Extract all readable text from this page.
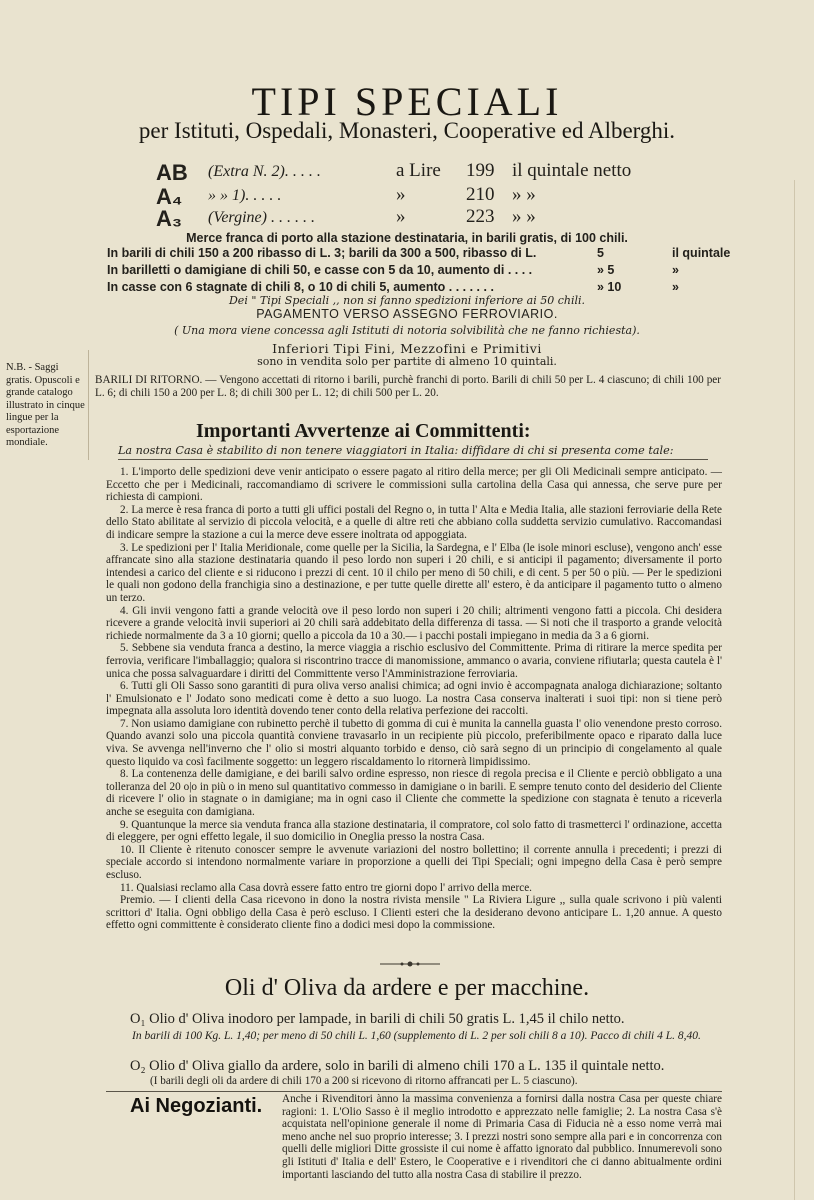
TIPI SPECIALI
per Istituti, Ospedali, Monasteri, Cooperative ed Alberghi.
AB (Extra N. 2). . . . .	a Lire 199 il quintale netto
A₄ » » 1). . . . .	»	210 » »
A₃ (Vergine) . . . . . .	»	223 » »
Merce franca di porto alla stazione destinataria, in barili gratis, di 100 chili.
In barili di chili 150 a 200 ribasso di L. 3; barili da 300 a 500, ribasso di L.	5	il quintale
In barilletti o damigiane di chili 50, e casse con 5 da 10, aumento di . . . .	» 5	»
In casse con 6 stagnate di chili 8, o 10 di chili 5, aumento . . . . . . .	» 10	»
Dei " Tipi Speciali ,, non si fanno spedizioni inferiore ai 50 chili.
PAGAMENTO VERSO ASSEGNO FERROVIARIO.
( Una mora viene concessa agli Istituti di notoria solvibilità che ne fanno richiesta).
Inferiori Tipi Fini, Mezzofini e Primitivi
sono in vendita solo per partite di almeno 10 quintali.
N.B. - Saggi gratis. Opuscoli e grande catalogo illustrato in cinque lingue per la esportazione mondiale.
BARILI DI RITORNO. — Vengono accettati di ritorno i barili, purchè franchi di porto. Barili di chili 50 per L. 4 ciascuno; di chili 100 per L. 6; di chili 150 a 200 per L. 8; di chili 300 per L. 12; di chili 500 per L. 20.
Importanti Avvertenze ai Committenti:
La nostra Casa è stabilito di non tenere viaggiatori in Italia: diffidare di chi si presenta come tale:

1. L'importo delle spedizioni deve venir anticipato o essere pagato al ritiro della merce; per gli Oli Medicinali sempre anticipato. — Eccetto che per i Medicinali, raccomandiamo di scrivere le commissioni sulla cartolina della Casa qui annessa, che serve pure per richiesta di campioni.

2. La merce è resa franca di porto a tutti gli uffici postali del Regno o, in tutta l' Alta e Media Italia, alle stazioni ferroviarie della Rete dello Stato abilitate al servizio di piccola velocità, e a quelle di altre reti che abbiano colla suddetta servizio cumulativo. Raccomandasi di indicare sempre la stazione a cui la merce deve essere inoltrata od appoggiata.

3. Le spedizioni per l' Italia Meridionale, come quelle per la Sicilia, la Sardegna, e l' Elba (le isole minori escluse), vengono anch' esse affrancate sino alla stazione destinataria quando il peso lordo non superi i 20 chili, e si anticipi il pagamento; diversamente il porto intendesi a carico del cliente e si riducono i prezzi di cent. 10 il chilo per meno di 50 chili, e di cent. 5 per 50 o più. — Per le spedizioni le quali non godono della franchigia sino a destinazione, e per tutte quelle dirette all' estero, è da anticipare il pagamento tutto o almeno un terzo.

4. Gli invii vengono fatti a grande velocità ove il peso lordo non superi i 20 chili; altrimenti vengono fatti a piccola. Chi desidera ricevere a grande velocità invii superiori ai 20 chili sarà addebitato della differenza di tassa. — Si noti che il trasporto a grande velocità richiede normalmente da 3 a 10 giorni; quello a piccola da 10 a 30.— i pacchi postali impiegano in media da 3 a 6 giorni.

5. Sebbene sia venduta franca a destino, la merce viaggia a rischio esclusivo del Committente. Prima di ritirare la merce spedita per ferrovia, verificare l'imballaggio; qualora si riscontrino tracce di manomissione, ammanco o avaria, conviene rifiutarla; questa cautela è l' unica che possa salvaguardare i diritti del Committente verso l'Amministrazione ferroviaria.

6. Tutti gli Oli Sasso sono garantiti di pura oliva verso analisi chimica; ad ogni invio è accompagnata analoga dichiarazione; soltanto l' Emulsionato e l' Jodato sono medicati come è detto a suo luogo. La nostra Casa conserva inalterati i suoi tipi: non si tiene però impegnata alla assoluta loro identità dovendo tener conto della relativa perfezione dei raccolti.

7. Non usiamo damigiane con rubinetto perchè il tubetto di gomma di cui è munita la cannella guasta l' olio venendone presto corroso. Quando avanzi solo una piccola quantità conviene travasarlo in un recipiente più piccolo, preferibilmente opaco e riparato dalla luce viva. Se avvenga nell'inverno che l' olio si mostri alquanto torbido e denso, ciò sarà segno di un principio di congelamento al quale questo liquido va così facilmente soggetto: un leggero riscaldamento lo ritornerà limpidissimo.

8. La contenenza delle damigiane, e dei barili salvo ordine espresso, non riesce di regola precisa e il Cliente e perciò obbligato a una tolleranza del 20 o|o in più o in meno sul quantitativo commesso in damigiane o in barili. E sempre tenuto conto del desiderio del Cliente di ricevere l' olio in stagnate o in damigiane; ma in ogni caso il Cliente che commette la spedizione con stagnata è tenuto a riceverla anche se eseguita con damigiana.

9. Quantunque la merce sia venduta franca alla stazione destinataria, il compratore, col solo fatto di trasmetterci l' ordinazione, accetta di eleggere, per ogni effetto legale, il suo domicilio in Oneglia presso la nostra Casa.

10. Il Cliente è ritenuto conoscer sempre le avvenute variazioni del nostro bollettino; il corrente annulla i precedenti; i prezzi di speciale accordo si intendono normalmente variare in proporzione a quelli dei Tipi Speciali; ogni impegno della Casa è però sempre escluso.

11. Qualsiasi reclamo alla Casa dovrà essere fatto entro tre giorni dopo l' arrivo della merce.

Premio. — I clienti della Casa ricevono in dono la nostra rivista mensile " La Riviera Ligure ,, sulla quale scrivono i più valenti scrittori d' Italia. Ogni obbligo della Casa è però escluso. I Clienti esteri che la desiderano devono anticipare L. 1,20 annue. A questo effetto ogni committente è considerato cliente fino a dodici mesi dopo la commissione.

Oli d' Oliva da ardere e per macchine.
O₁ Olio d' Oliva inodoro per lampade, in barili di chili 50 gratis L. 1,45 il chilo netto.
In barili di 100 Kg. L. 1,40; per meno di 50 chili L. 1,60 (supplemento di L. 2 per soli chili 8 a 10). Pacco di chili 4 L. 8,40.
O₂ Olio d' Oliva giallo da ardere, solo in barili di almeno chili 170 a L. 135 il quintale netto.
(I barili degli oli da ardere di chili 170 a 200 si ricevono di ritorno affrancati per L. 5 ciascuno).
Ai Negozianti.	Anche i Rivenditori ànno la massima convenienza a fornirsi dalla nostra Casa per queste chiare ragioni: 1. L'Olio Sasso è il meglio introdotto e apprezzato nelle famiglie; 2. La nostra Casa s'è acquistata nell'opinione generale il nome di Primaria Casa di Fiducia nè a esso nome verrà mai meno anche nel suo proprio interesse; 3. I prezzi nostri sono sempre alla pari e in concorrenza con quelli delle migliori Ditte grossiste il cui nome è affatto ignorato dal pubblico. Innumerevoli sono gli Istituti d' Italia e dell' Estero, le Cooperative e i rivenditori che ci danno abitualmente ordini importanti lasciando del tutto alla nostra Casa di stabilire il prezzo.
